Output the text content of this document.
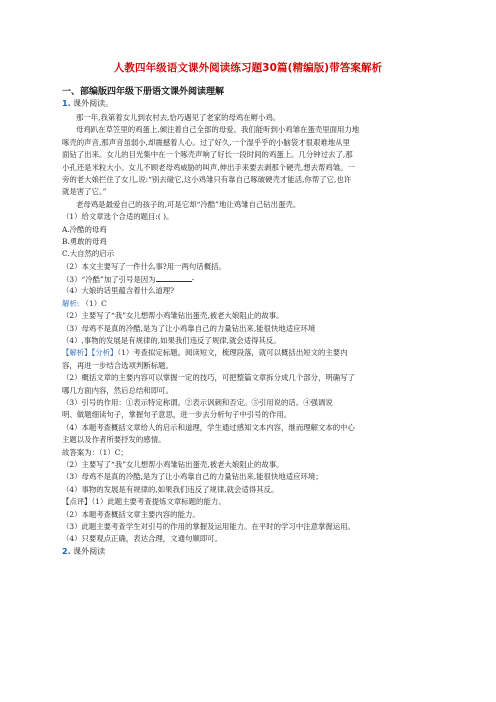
人教四年级语文课外阅读练习题30篇(精编版)带答案解析
一、部编版四年级下册语文课外阅读理解
1. 课外阅读。
那一年,我第着女儿到农村去,恰巧遇见了老家的母鸡在孵小鸡。
母鸡趴在草笠里的鸡蛋上,倾注着自己全部的母爱。我们能听到小鸡雏在蛋壳里面用力地
啄壳的声音,那声音虽弱小,却震撼着人心。过了好久,一个湿乎乎的小脑袋才很艰难地从里
面钻了出来。女儿的目光集中在一个啄壳声响了好长一段时间的鸡蛋上。几分钟过去了,那
小孔还是米粒大小。女儿不顾老母鸡威胁的叫声,伸出手来要去剥那个硬壳,想去帮鸡雏。一
旁的老大娘拦住了女儿,说:“别去碰它,这小鸡雏只有靠自己啄破硬壳才能活,你帮了它,也许
就是害了它。”
老母鸡是最爱自己的孩子的,可是它却“冷酷”地让鸡雏自己钻出蛋壳。
（1）给文章选个合适的题目:( )。
A.冷酷的母鸡
B.勇敢的母鸡
C.大自然的启示
（2）本文主要写了一件什么事?用一两句话概括。
（3）“冷酷”加了引号是因为	-
（4）大娘的话里蕴含着什么道理?
解析: （1）C
（2）主要写了“我”女儿想帮小鸡雏钻出蛋壳,被老大娘阻止的故事。
（3）母鸡不是真的冷酷,是为了让小鸡靠自己的力量钻出来,能很快地适应环境
（4）,事物的发展是有规律的,如果我们违反了规律,就会适得其反。
【解析】【分析】（1）考查拟定标题。阅读短文，梳理段落，就可以概括出短文的主要内
容，再进一步结合选项判断标题。
（2）概括文章的主要内容可以掌握一定的技巧，可把整篇文章拆分成几个部分，明确写了
哪几方面内容，然后总结和即可。
（3）引号的作用：①表示特定称谓。②表示讽刺和否定。③引用说的话。④强调说
明、做题细读句子，掌握句子意思，进一步去分析句子中引号的作用。
（4）本题考查概括文章给人的启示和道理，学生通过感知文本内容，继而理解文本的中心
主题以及作者所要抒发的感情。
故答案为：（1）C；
（2）主要写了“我”女儿想帮小鸡雏钻出蛋壳,被老大娘阻止的故事。
（3）母鸡不是真的冷酷,是为了让小鸡靠自己的力量钻出来,能很快地适应环境；
（4）事物的发展是有规律的,如果我们违反了规律,就会适得其反。
【点评】（1）此题主要考查提炼文章标题的能力。
（2）本题考查概括文章主要内容的能力。
（3）此题主要考查学生对引号的作用的掌握及运用能力。在平时的学习中注意掌握运用。
（4）只要观点正确，表达合理，文通句顺即可。
2. 课外阅读
